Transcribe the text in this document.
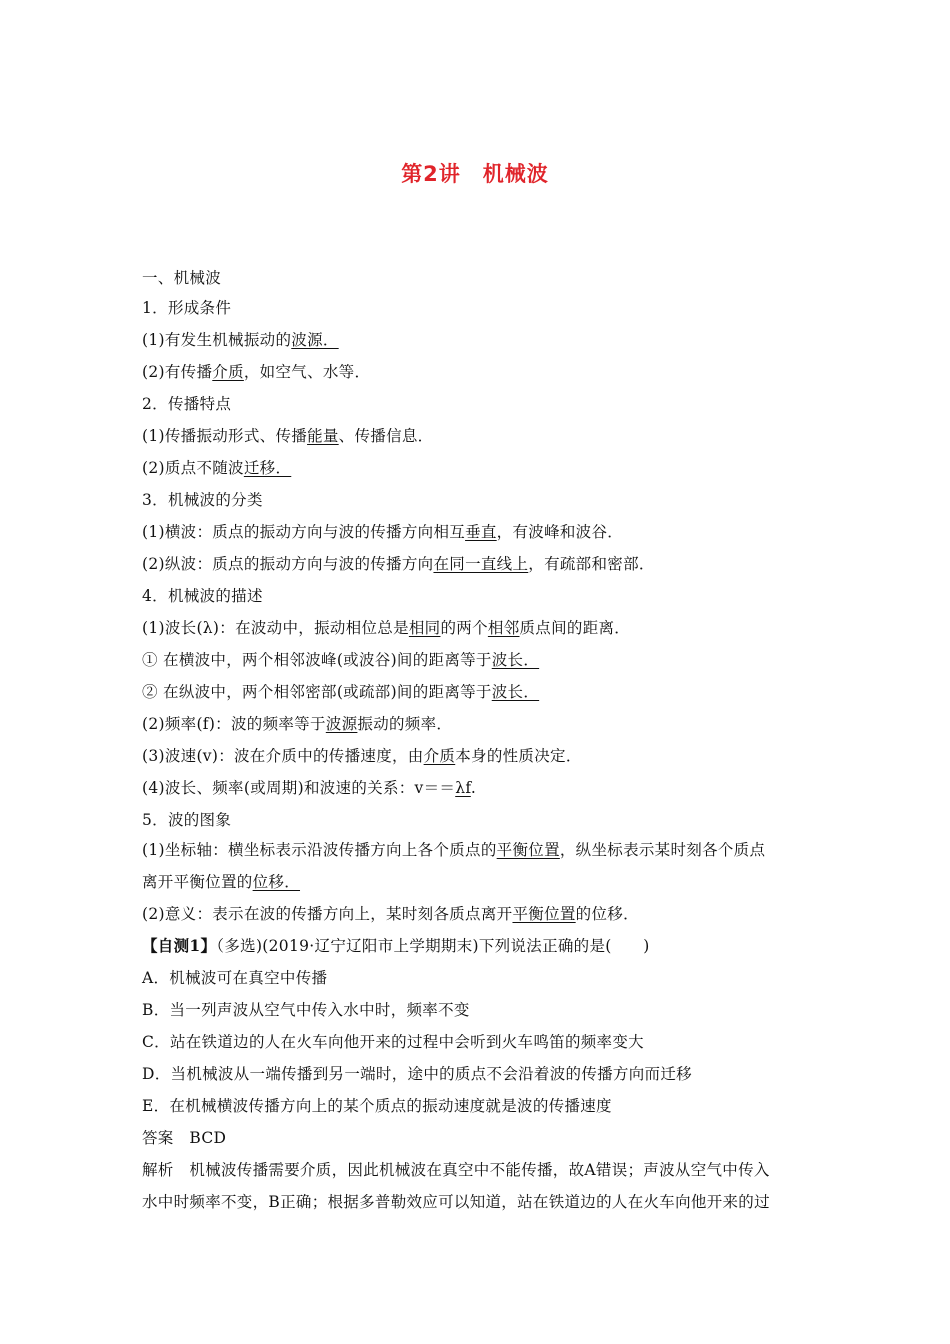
第2讲　机械波
一、机械波
1．形成条件
(1)有发生机械振动的波源．
(2)有传播介质，如空气、水等．
2．传播特点
(1)传播振动形式、传播能量、传播信息．
(2)质点不随波迁移．
3．机械波的分类
(1)横波：质点的振动方向与波的传播方向相互垂直，有波峰和波谷．
(2)纵波：质点的振动方向与波的传播方向在同一直线上，有疏部和密部．
4．机械波的描述
(1)波长(λ)：在波动中，振动相位总是相同的两个相邻质点间的距离．
① 在横波中，两个相邻波峰(或波谷)间的距离等于波长．
② 在纵波中，两个相邻密部(或疏部)间的距离等于波长．
(2)频率(f)：波的频率等于波源振动的频率．
(3)波速(v)：波在介质中的传播速度，由介质本身的性质决定．
(4)波长、频率(或周期)和波速的关系：v＝＝λf.
5．波的图象
(1)坐标轴：横坐标表示沿波传播方向上各个质点的平衡位置，纵坐标表示某时刻各个质点
离开平衡位置的位移．
(2)意义：表示在波的传播方向上，某时刻各质点离开平衡位置的位移．
【自测1】（多选)(2019·辽宁辽阳市上学期期末)下列说法正确的是(　　)
A．机械波可在真空中传播
B．当一列声波从空气中传入水中时，频率不变
C．站在铁道边的人在火车向他开来的过程中会听到火车鸣笛的频率变大
D．当机械波从一端传播到另一端时，途中的质点不会沿着波的传播方向而迁移
E．在机械横波传播方向上的某个质点的振动速度就是波的传播速度
答案　BCD
解析　机械波传播需要介质，因此机械波在真空中不能传播，故A错误；声波从空气中传入
水中时频率不变，B正确；根据多普勒效应可以知道，站在铁道边的人在火车向他开来的过
